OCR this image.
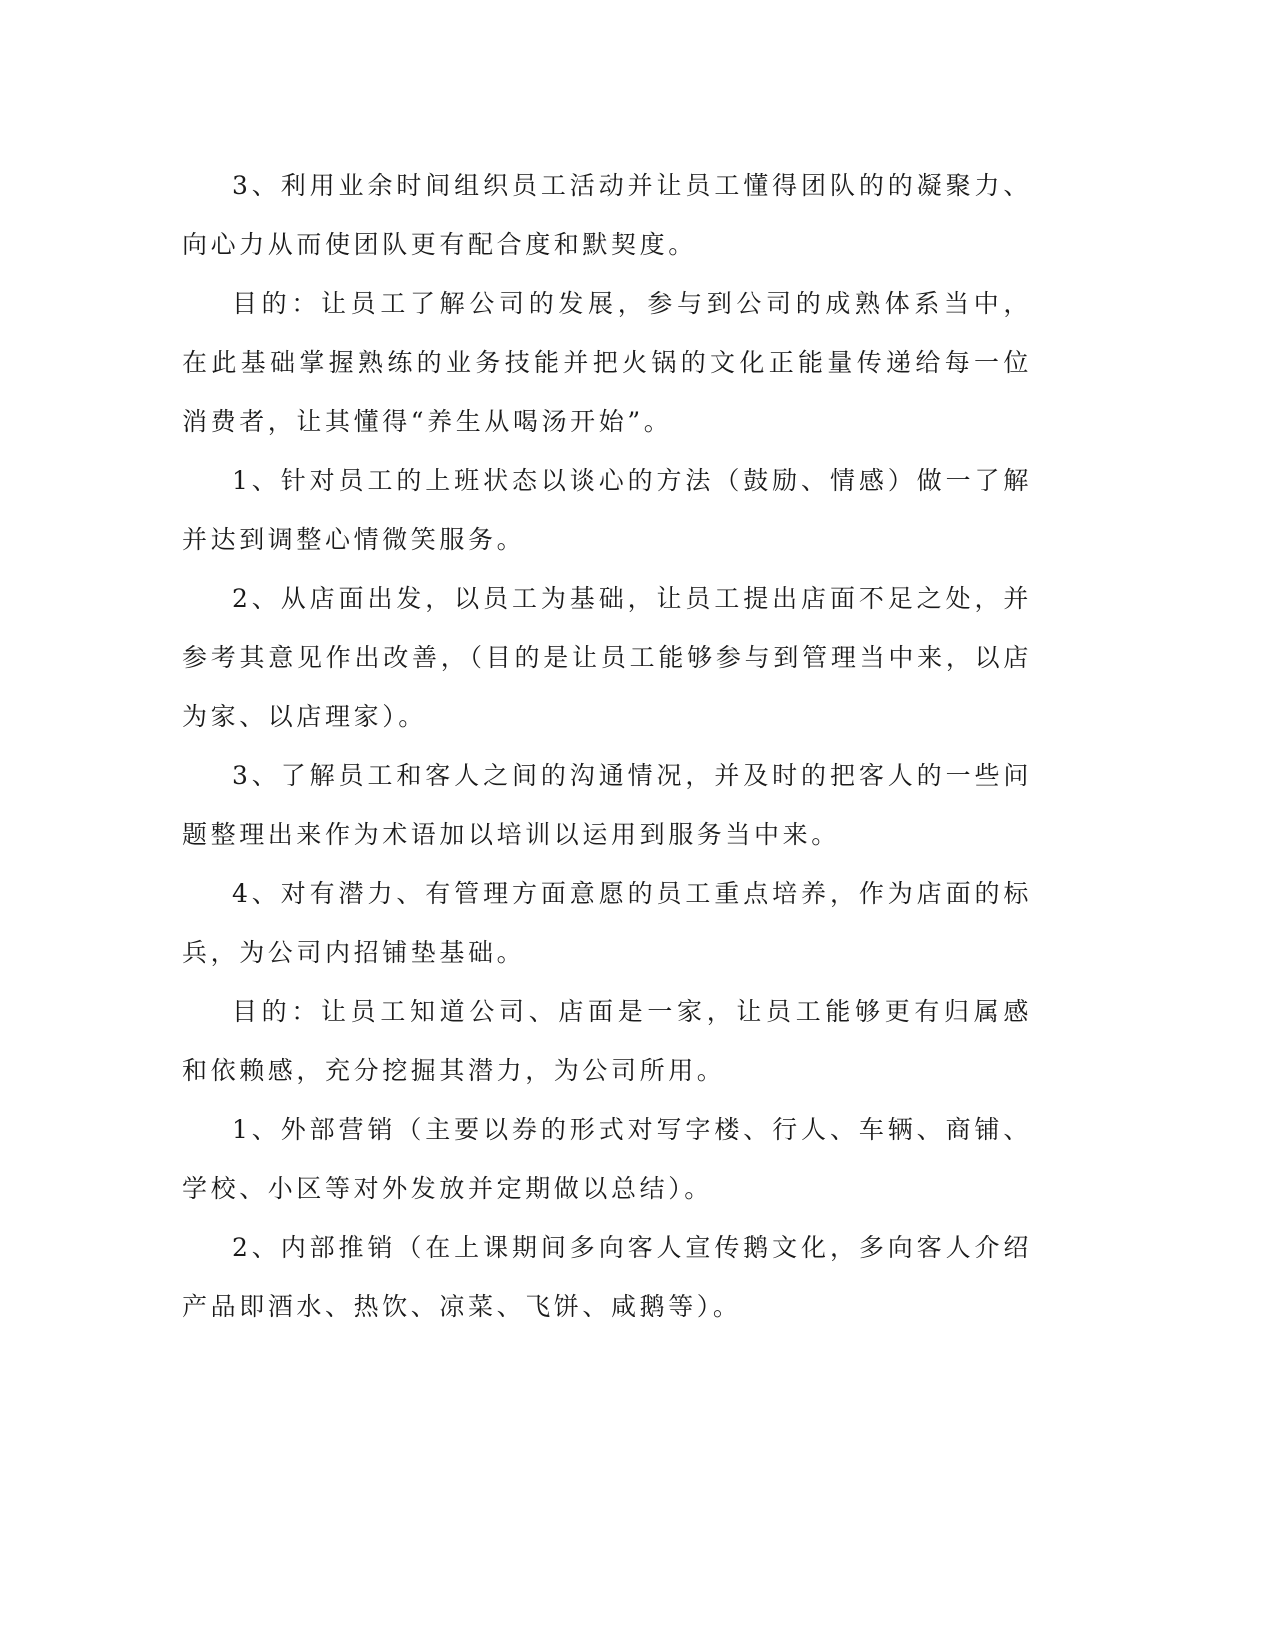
3、利用业余时间组织员工活动并让员工懂得团队的的凝聚力、向心力从而使团队更有配合度和默契度。

目的：让员工了解公司的发展，参与到公司的成熟体系当中，在此基础掌握熟练的业务技能并把火锅的文化正能量传递给每一位消费者，让其懂得“养生从喝汤开始”。

1、针对员工的上班状态以谈心的方法（鼓励、情感）做一了解并达到调整心情微笑服务。

2、从店面出发，以员工为基础，让员工提出店面不足之处，并参考其意见作出改善，（目的是让员工能够参与到管理当中来，以店为家、以店理家）。

3、了解员工和客人之间的沟通情况，并及时的把客人的一些问题整理出来作为术语加以培训以运用到服务当中来。

4、对有潜力、有管理方面意愿的员工重点培养，作为店面的标兵，为公司内招铺垫基础。

目的：让员工知道公司、店面是一家，让员工能够更有归属感和依赖感，充分挖掘其潜力，为公司所用。

1、外部营销（主要以券的形式对写字楼、行人、车辆、商铺、学校、小区等对外发放并定期做以总结）。

2、内部推销（在上课期间多向客人宣传鹅文化，多向客人介绍产品即酒水、热饮、凉菜、飞饼、咸鹅等）。
